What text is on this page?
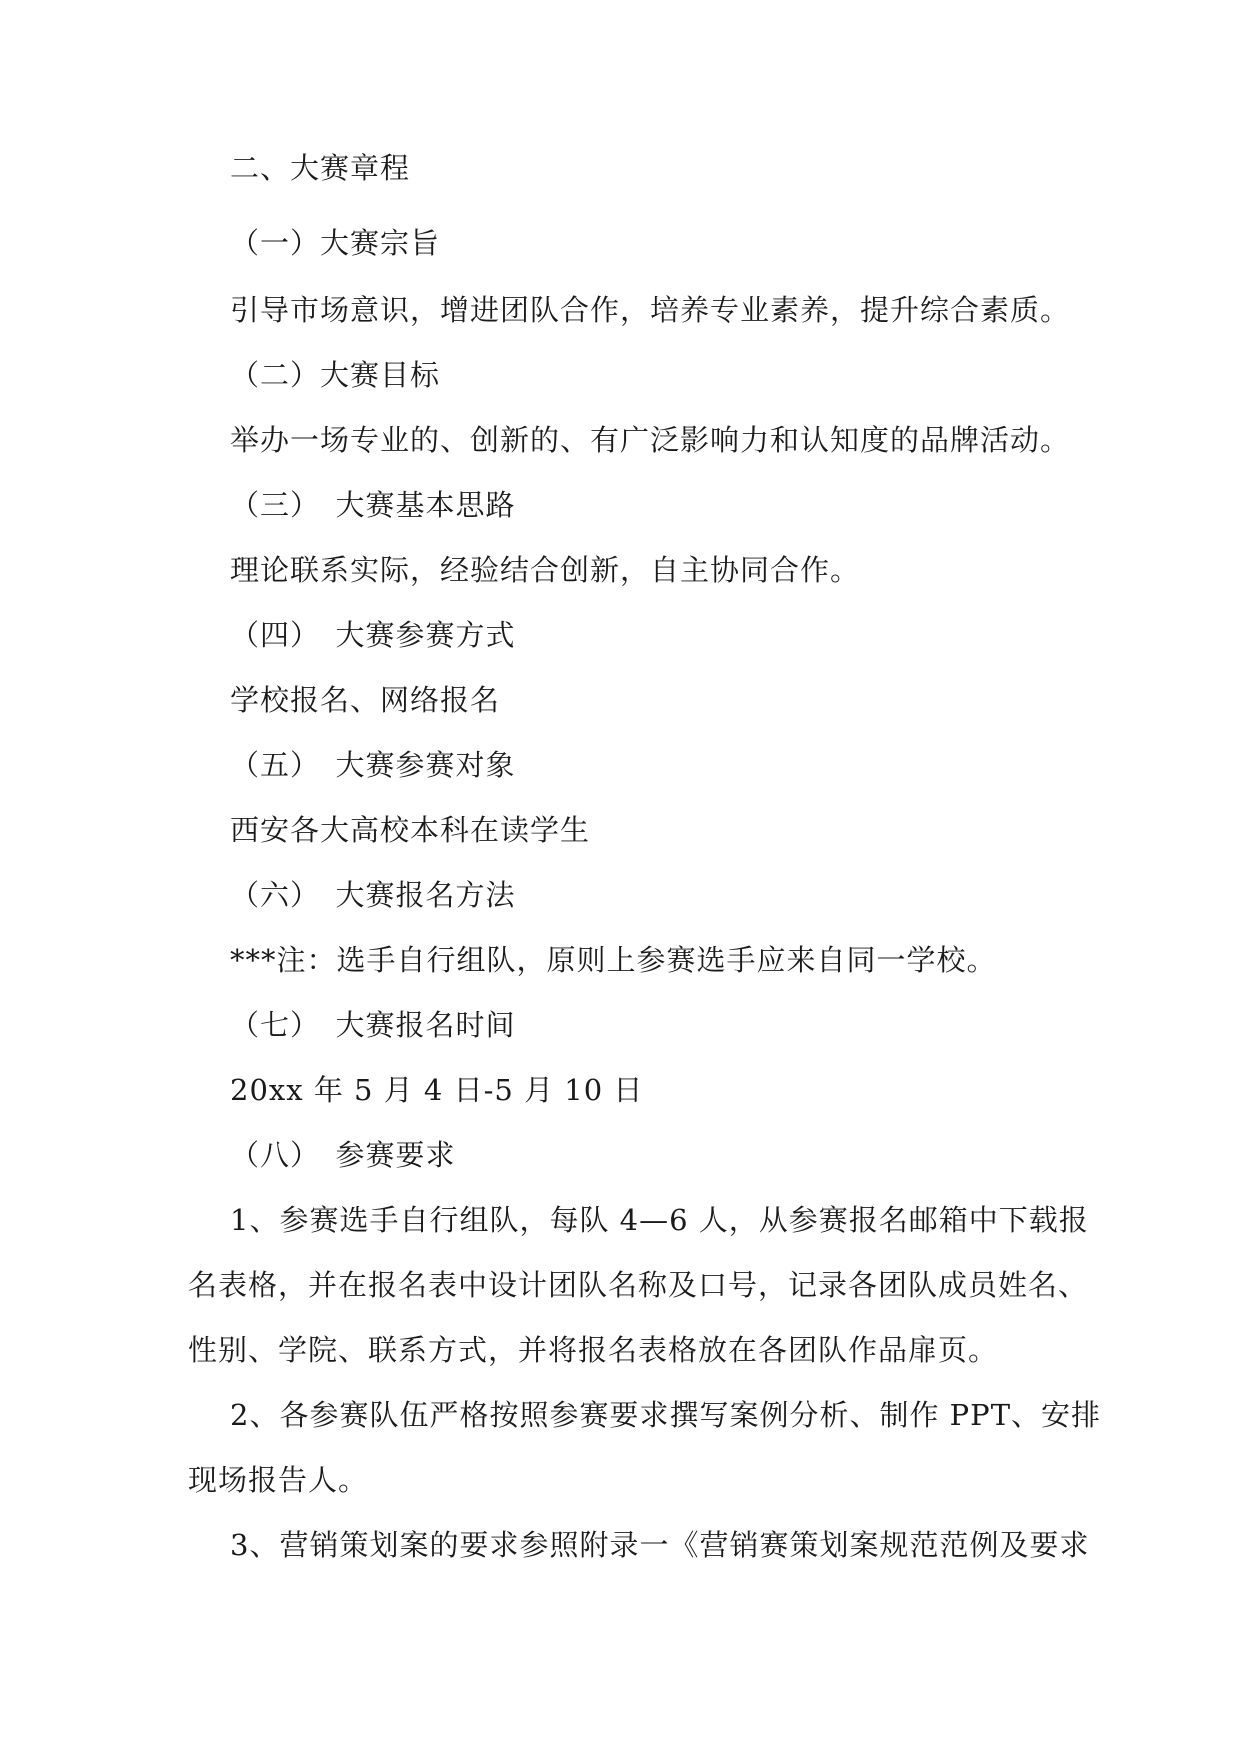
二、大赛章程
（一）大赛宗旨
引导市场意识，增进团队合作，培养专业素养，提升综合素质。
（二）大赛目标
举办一场专业的、创新的、有广泛影响力和认知度的品牌活动。
（三）　大赛基本思路
理论联系实际，经验结合创新，自主协同合作。
（四）　大赛参赛方式
学校报名、网络报名
（五）　大赛参赛对象
西安各大高校本科在读学生
（六）　大赛报名方法
***注：选手自行组队，原则上参赛选手应来自同一学校。
（七）　大赛报名时间
20xx 年 5 月 4 日-5 月 10 日
（八）　参赛要求
1、参赛选手自行组队，每队 4—6 人，从参赛报名邮箱中下载报
名表格，并在报名表中设计团队名称及口号，记录各团队成员姓名、
性别、学院、联系方式，并将报名表格放在各团队作品扉页。
2、各参赛队伍严格按照参赛要求撰写案例分析、制作 PPT、安排
现场报告人。
3、营销策划案的要求参照附录一《营销赛策划案规范范例及要求
